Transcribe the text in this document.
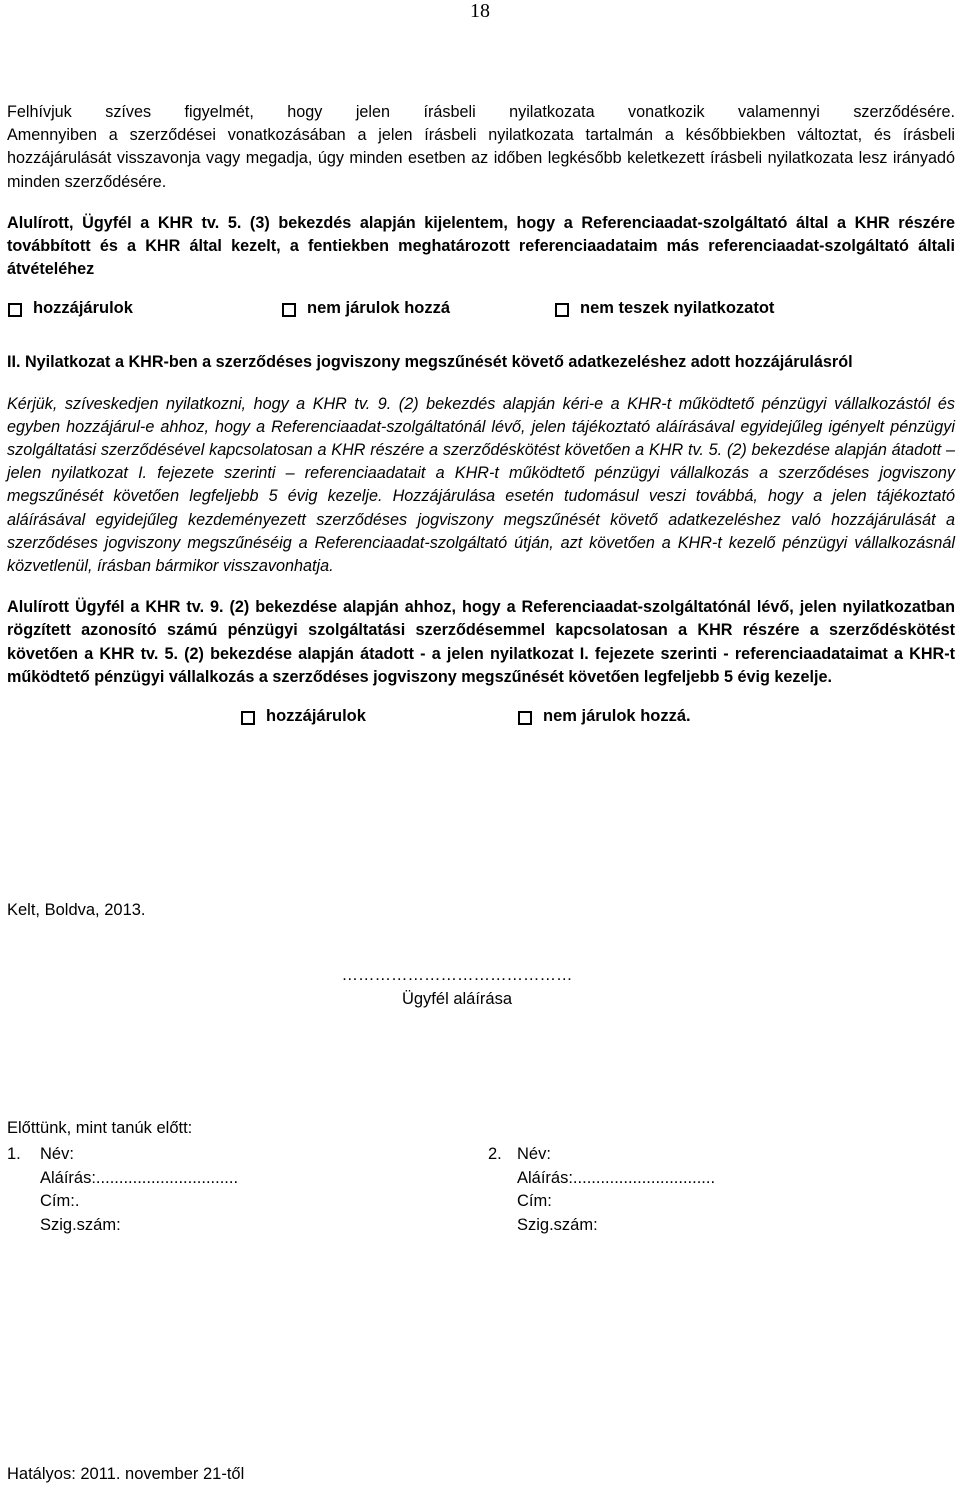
18

Felhívjuk szíves figyelmét, hogy jelen írásbeli nyilatkozata vonatkozik valamennyi szerződésére.

Amennyiben a szerződései vonatkozásában a jelen írásbeli nyilatkozata tartalmán a későbbiekben változtat, és írásbeli hozzájárulását visszavonja vagy megadja, úgy minden esetben az időben legkésőbb keletkezett írásbeli nyilatkozata lesz irányadó minden szerződésére.

Alulírott, Ügyfél a KHR tv. 5. (3) bekezdés alapján kijelentem, hogy a Referenciaadat-szolgáltató által a KHR részére továbbított és a KHR által kezelt, a fentiekben meghatározott referenciaadataim más referenciaadat-szolgáltató általi átvételéhez

hozzájárulok	nem járulok hozzá	nem teszek nyilatkozatot

II. Nyilatkozat a KHR-ben a szerződéses jogviszony megszűnését követő adatkezeléshez adott hozzájárulásról

Kérjük, szíveskedjen nyilatkozni, hogy a KHR tv. 9. (2) bekezdés alapján kéri-e a KHR-t működtető pénzügyi vállalkozástól és egyben hozzájárul-e ahhoz, hogy a Referenciaadat-szolgáltatónál lévő, jelen tájékoztató aláírásával egyidejűleg igényelt pénzügyi szolgáltatási szerződésével kapcsolatosan a KHR részére a szerződéskötést követően a KHR tv. 5. (2) bekezdése alapján átadott – jelen nyilatkozat I. fejezete szerinti – referenciaadatait a KHR-t működtető pénzügyi vállalkozás a szerződéses jogviszony megszűnését követően legfeljebb 5 évig kezelje. Hozzájárulása esetén tudomásul veszi továbbá, hogy a jelen tájékoztató aláírásával egyidejűleg kezdeményezett szerződéses jogviszony megszűnését követő adatkezeléshez való hozzájárulását a szerződéses jogviszony megszűnéséig a Referenciaadat-szolgáltató útján, azt követően a KHR-t kezelő pénzügyi vállalkozásnál közvetlenül, írásban bármikor visszavonhatja.

Alulírott Ügyfél a KHR tv. 9. (2) bekezdése alapján ahhoz, hogy a Referenciaadat-szolgáltatónál lévő, jelen nyilatkozatban rögzített azonosító számú pénzügyi szolgáltatási szerződésemmel kapcsolatosan a KHR részére a szerződéskötést követően a KHR tv. 5. (2) bekezdése alapján átadott - a jelen nyilatkozat I. fejezete szerinti - referenciaadataimat a KHR-t működtető pénzügyi vállalkozás a szerződéses jogviszony megszűnését követően legfeljebb 5 évig kezelje.

hozzájárulok	nem járulok hozzá.
Kelt, Boldva, 2013.
……………………………………
Ügyfél aláírása
Előttünk, mint tanúk előtt:
1. Név:
Aláírás:...............................
Cím:.
Szig.szám:
2. Név:
Aláírás:...............................
Cím:
Szig.szám:
Hatályos: 2011. november 21-től
